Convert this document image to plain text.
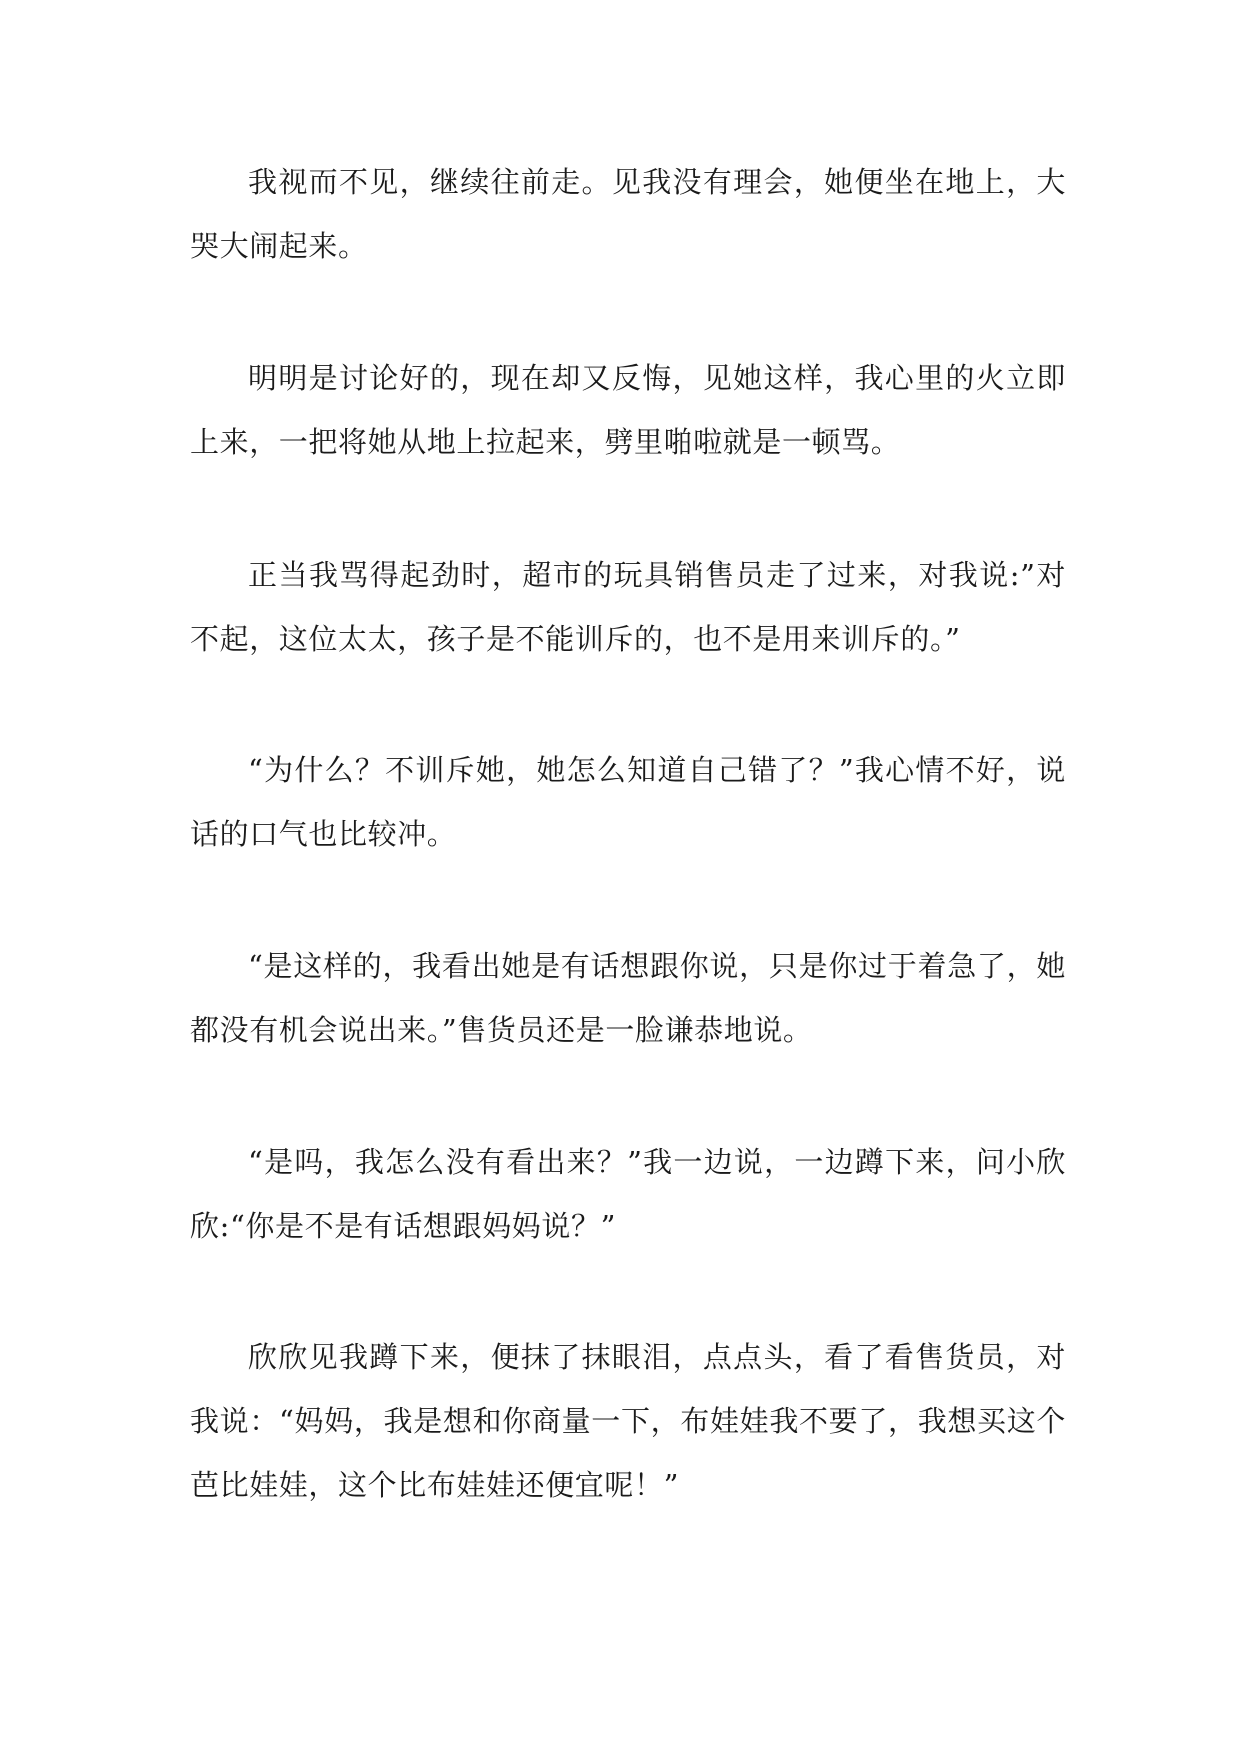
我视而不见，继续往前走。见我没有理会，她便坐在地上，大哭大闹起来。

明明是讨论好的，现在却又反悔，见她这样，我心里的火立即上来，一把将她从地上拉起来，劈里啪啦就是一顿骂。

正当我骂得起劲时，超市的玩具销售员走了过来，对我说:”对不起，这位太太，孩子是不能训斥的，也不是用来训斥的。”

“为什么？不训斥她，她怎么知道自己错了？”我心情不好，说话的口气也比较冲。

“是这样的，我看出她是有话想跟你说，只是你过于着急了，她都没有机会说出来。”售货员还是一脸谦恭地说。

“是吗，我怎么没有看出来？”我一边说，一边蹲下来，问小欣欣:“你是不是有话想跟妈妈说？”

欣欣见我蹲下来，便抹了抹眼泪，点点头，看了看售货员，对我说：“妈妈，我是想和你商量一下，布娃娃我不要了，我想买这个芭比娃娃，这个比布娃娃还便宜呢！”
